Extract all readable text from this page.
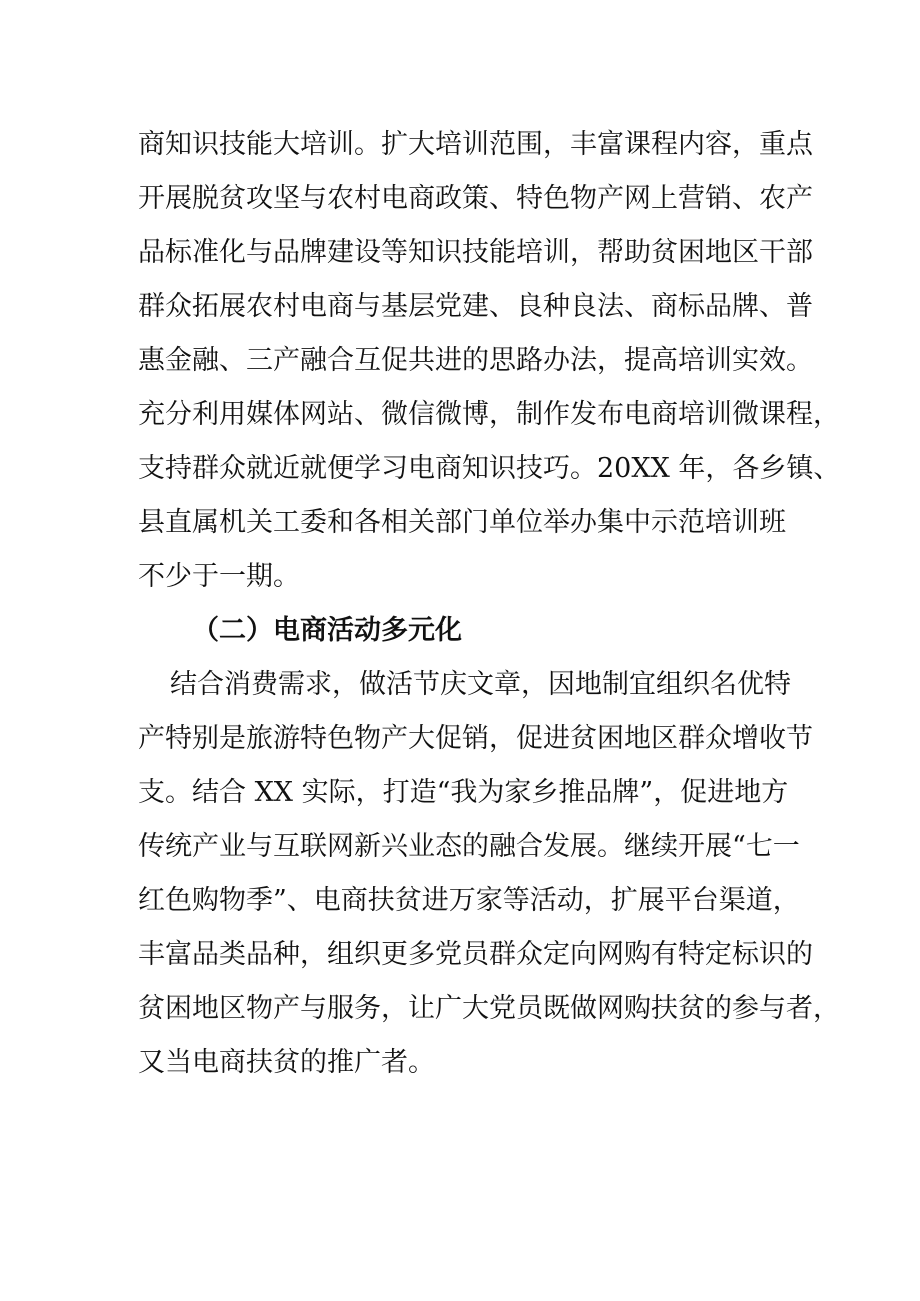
商知识技能大培训。扩大培训范围，丰富课程内容，重点
开展脱贫攻坚与农村电商政策、特色物产网上营销、农产
品标准化与品牌建设等知识技能培训，帮助贫困地区干部
群众拓展农村电商与基层党建、良种良法、商标品牌、普
惠金融、三产融合互促共进的思路办法，提高培训实效。
充分利用媒体网站、微信微博，制作发布电商培训微课程，
支持群众就近就便学习电商知识技巧。20XX 年，各乡镇、
县直属机关工委和各相关部门单位举办集中示范培训班
不少于一期。
（二）电商活动多元化
结合消费需求，做活节庆文章，因地制宜组织名优特
产特别是旅游特色物产大促销，促进贫困地区群众增收节
支。结合 XX 实际，打造“我为家乡推品牌”，促进地方
传统产业与互联网新兴业态的融合发展。继续开展“七一
红色购物季”、电商扶贫进万家等活动，扩展平台渠道，
丰富品类品种，组织更多党员群众定向网购有特定标识的
贫困地区物产与服务，让广大党员既做网购扶贫的参与者，
又当电商扶贫的推广者。
